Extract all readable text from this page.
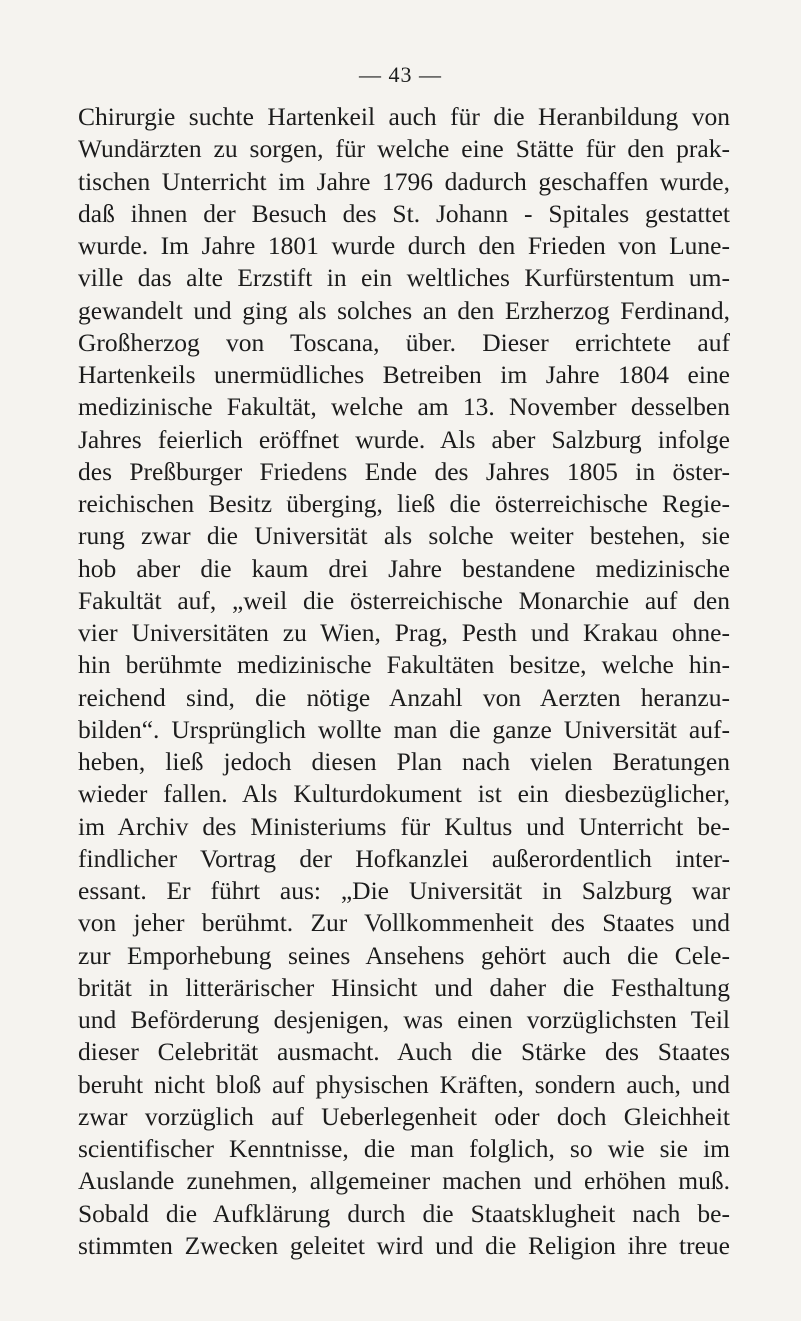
— 43 —
Chirurgie suchte Hartenkeil auch für die Heranbildung von
Wundärzten zu sorgen, für welche eine Stätte für den prak-
tischen Unterricht im Jahre 1796 dadurch geschaffen wurde,
daß ihnen der Besuch des St. Johann - Spitales gestattet
wurde. Im Jahre 1801 wurde durch den Frieden von Lune-
ville das alte Erzstift in ein weltliches Kurfürstentum um-
gewandelt und ging als solches an den Erzherzog Ferdinand,
Großherzog von Toscana, über. Dieser errichtete auf
Hartenkeils unermüdliches Betreiben im Jahre 1804 eine
medizinische Fakultät, welche am 13. November desselben
Jahres feierlich eröffnet wurde. Als aber Salzburg infolge
des Preßburger Friedens Ende des Jahres 1805 in öster-
reichischen Besitz überging, ließ die österreichische Regie-
rung zwar die Universität als solche weiter bestehen, sie
hob aber die kaum drei Jahre bestandene medizinische
Fakultät auf, „weil die österreichische Monarchie auf den
vier Universitäten zu Wien, Prag, Pesth und Krakau ohne-
hin berühmte medizinische Fakultäten besitze, welche hin-
reichend sind, die nötige Anzahl von Aerzten heranzu-
bilden“. Ursprünglich wollte man die ganze Universität auf-
heben, ließ jedoch diesen Plan nach vielen Beratungen
wieder fallen. Als Kulturdokument ist ein diesbezüglicher,
im Archiv des Ministeriums für Kultus und Unterricht be-
findlicher Vortrag der Hofkanzlei außerordentlich inter-
essant. Er führt aus: „Die Universität in Salzburg war
von jeher berühmt. Zur Vollkommenheit des Staates und
zur Emporhebung seines Ansehens gehört auch die Cele-
brität in litterärischer Hinsicht und daher die Festhaltung
und Beförderung desjenigen, was einen vorzüglichsten Teil
dieser Celebrität ausmacht. Auch die Stärke des Staates
beruht nicht bloß auf physischen Kräften, sondern auch, und
zwar vorzüglich auf Ueberlegenheit oder doch Gleichheit
scientifischer Kenntnisse, die man folglich, so wie sie im
Auslande zunehmen, allgemeiner machen und erhöhen muß.
Sobald die Aufklärung durch die Staatsklugheit nach be-
stimmten Zwecken geleitet wird und die Religion ihre treue
